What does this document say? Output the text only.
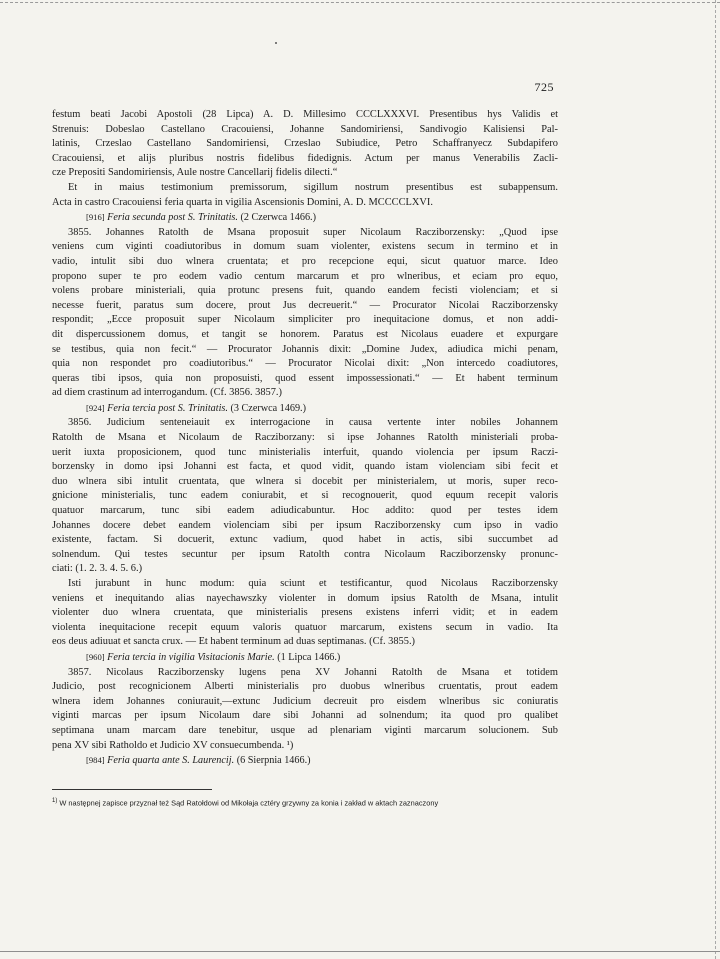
725
festum beati Jacobi Apostoli (28 Lipca) A. D. Millesimo CCCLXXXVI. Presentibus hys Validis et
Strenuis: Dobeslao Castellano Cracouiensi, Johanne Sandomiriensi, Sandivogio Kalisiensi Pal-
latinis, Crzeslao Castellano Sandomiriensi, Crzeslao Subiudice, Petro Schaffranyecz Subdapifero
Cracouiensi, et alijs pluribus nostris fidelibus fidedignis. Actum per manus Venerabilis Zacli-
cze Prepositi Sandomiriensis, Aule nostre Cancellarij fidelis dilecti.“
Et in maius testimonium premissorum, sigillum nostrum presentibus est subappensum.
Acta in castro Cracouiensi feria quarta in vigilia Ascensionis Domini, A. D. MCCCCLXVI.
[916] Feria secunda post S. Trinitatis. (2 Czerwca 1466.)
3855. Johannes Ratolth de Msana proposuit super Nicolaum Racziborzensky: „Quod ipse
veniens cum viginti coadiutoribus in domum suam violenter, existens secum in termino et in
vadio, intulit sibi duo wlnera cruentata; et pro recepcione equi, sicut quatuor marce. Ideo
propono super te pro eodem vadio centum marcarum et pro wlneribus, et eciam pro equo,
volens probare ministeriali, quia protunc presens fuit, quando eandem fecisti violenciam; et si
necesse fuerit, paratus sum docere, prout Jus decreuerit.“ — Procurator Nicolai Racziborzensky
respondit; „Ecce proposuit super Nicolaum simpliciter pro inequitacione domus, et non addi-
dit dispercussionem domus, et tangit se honorem. Paratus est Nicolaus euadere et expurgare
se testibus, quia non fecit.“ — Procurator Johannis dixit: „Domine Judex, adiudica michi penam,
quia non respondet pro coadiutoribus.“ — Procurator Nicolai dixit: „Non intercedo coadiutores,
queras tibi ipsos, quia non proposuisti, quod essent impossessionati.“ — Et habent terminum
ad diem crastinum ad interrogandum. (Cf. 3856. 3857.)
[924] Feria tercia post S. Trinitatis. (3 Czerwca 1469.)
3856. Judicium senteneiauit ex interrogacione in causa vertente inter nobiles Johannem
Ratolth de Msana et Nicolaum de Racziborzany: si ipse Johannes Ratolth ministeriali proba-
uerit iuxta proposicionem, quod tunc ministerialis interfuit, quando violencia per ipsum Raczi-
borzensky in domo ipsi Johanni est facta, et quod vidit, quando istam violenciam sibi fecit et
duo wlnera sibi intulit cruentata, que wlnera si docebit per ministerialem, ut moris, super reco-
gnicione ministerialis, tunc eadem coniurabit, et si recognouerit, quod equum recepit valoris
quatuor marcarum, tunc sibi eadem adiudicabuntur. Hoc addito: quod per testes idem
Johannes docere debet eandem violenciam sibi per ipsum Racziborzensky cum ipso in vadio
existente, factam. Si docuerit, extunc vadium, quod habet in actis, sibi succumbet ad
solnendum. Qui testes secuntur per ipsum Ratolth contra Nicolaum Racziborzensky pronunc-
ciati: (1. 2. 3. 4. 5. 6.)
Isti jurabunt in hunc modum: quia sciunt et testificantur, quod Nicolaus Racziborzensky
veniens et inequitando alias nayechawszky violenter in domum ipsius Ratolth de Msana, intulit
violenter duo wlnera cruentata, que ministerialis presens existens inferri vidit; et in eadem
violenta inequitacione recepit equum valoris quatuor marcarum, existens secum in vadio. Ita
eos deus adiuuat et sancta crux. — Et habent terminum ad duas septimanas. (Cf. 3855.)
[960] Feria tercia in vigilia Visitacionis Marie. (1 Lipca 1466.)
3857. Nicolaus Racziborzensky lugens pena XV Johanni Ratolth de Msana et totidem
Judicio, post recognicionem Alberti ministerialis pro duobus wlneribus cruentatis, prout eadem
wlnera idem Johannes coniurauit,—extunc Judicium decreuit pro eisdem wlneribus sic coniuratis
viginti marcas per ipsum Nicolaum dare sibi Johanni ad solnendum; ita quod pro qualibet
septimana unam marcam dare tenebitur, usque ad plenariam viginti marcarum solucionem. Sub
pena XV sibi Ratholdo et Judicio XV consuecumbenda. ¹)
[984] Feria quarta ante S. Laurencij. (6 Sierpnia 1466.)
$^{1)}$ W następnej zapisce przyznał też Sąd Ratołdowi od Mikołaja cztéry grzywny za konia i zakład w aktach zaznaczony
